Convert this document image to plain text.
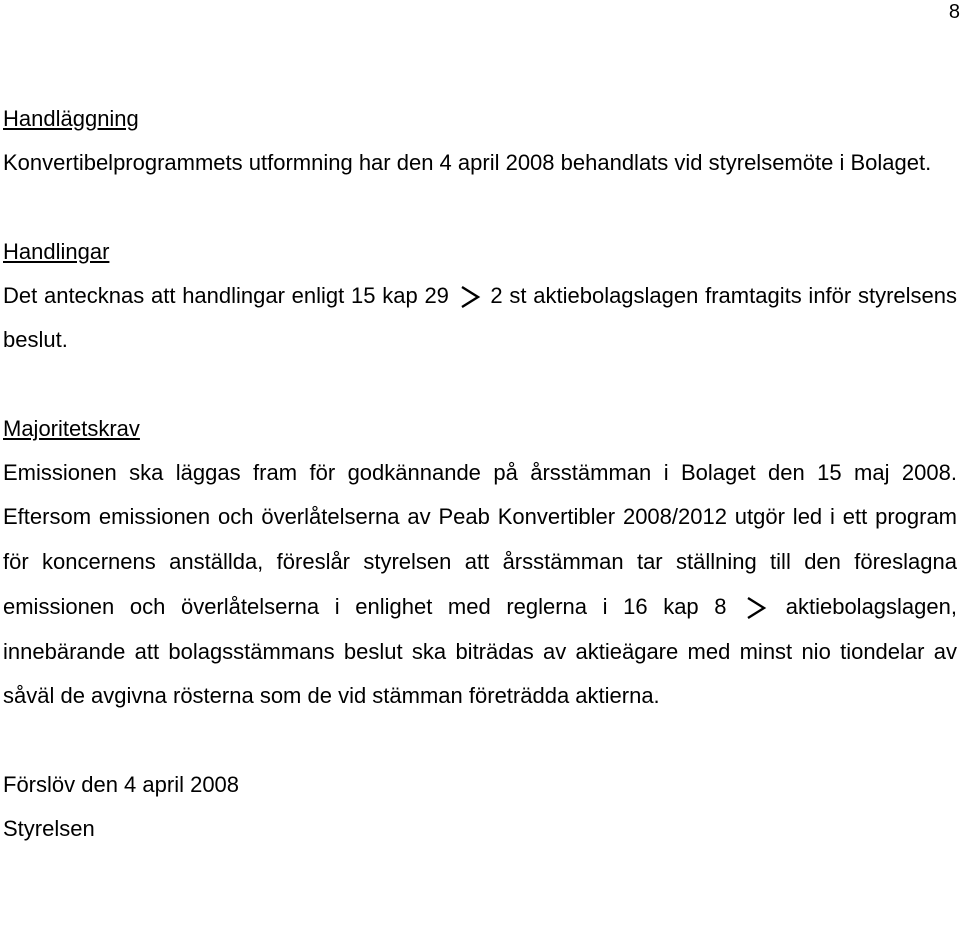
8
Handläggning

Konvertibelprogrammets utformning har den 4 april 2008 behandlats vid styrelsemöte i Bolaget.

Handlingar

Det antecknas att handlingar enligt 15 kap 29 2 st aktiebolagslagen framtagits inför styrelsens beslut.

Majoritetskrav

Emissionen ska läggas fram för godkännande på årsstämman i Bolaget den 15 maj 2008. Eftersom emissionen och överlåtelserna av Peab Konvertibler 2008/2012 utgör led i ett program för koncernens anställda, föreslår styrelsen att årsstämman tar ställning till den föreslagna emissionen och överlåtelserna i enlighet med reglerna i 16 kap 8	aktiebolagslagen, innebärande att bolagsstämmans beslut ska biträdas av aktieägare med minst nio tiondelar av såväl de avgivna rösterna som de vid stämman företrädda aktierna.

Förslöv den 4 april 2008
Styrelsen
